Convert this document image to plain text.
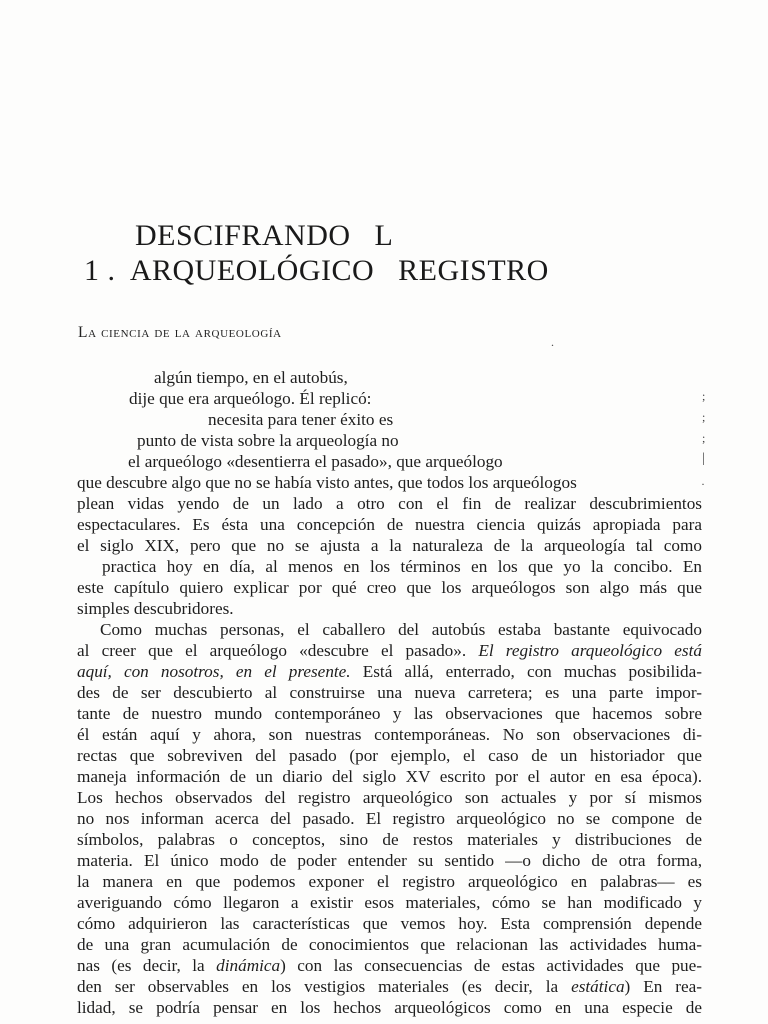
DESCIFRANDO   L
1 .  ARQUEOLÓGICO   REGISTRO
La ciencia de la arqueología
.
;
;
;
|
·
algún tiempo, en el autobús,
dije que era arqueólogo. Él replicó:
necesita para tener éxito es
punto de vista sobre la arqueología no
el arqueólogo «desentierra el pasado», que arqueólogo
que descubre algo que no se había visto antes, que todos los arqueólogos
plean vidas yendo de un lado a otro con el fin de realizar descubrimientos
espectaculares. Es ésta una concepción de nuestra ciencia quizás apropiada para
el siglo XIX, pero que no se ajusta a la naturaleza de la arqueología tal como
practica hoy en día, al menos en los términos en los que yo la concibo. En
este capítulo quiero explicar por qué creo que los arqueólogos son algo más que
simples descubridores.
Como muchas personas, el caballero del autobús estaba bastante equivocado
al creer que el arqueólogo «descubre el pasado». El registro arqueológico está
aquí, con nosotros, en el presente. Está allá, enterrado, con muchas posibilida-
des de ser descubierto al construirse una nueva carretera; es una parte impor-
tante de nuestro mundo contemporáneo y las observaciones que hacemos sobre
él están aquí y ahora, son nuestras contemporáneas. No son observaciones di-
rectas que sobreviven del pasado (por ejemplo, el caso de un historiador que
maneja información de un diario del siglo XV escrito por el autor en esa época).
Los hechos observados del registro arqueológico son actuales y por sí mismos
no nos informan acerca del pasado. El registro arqueológico no se compone de
símbolos, palabras o conceptos, sino de restos materiales y distribuciones de
materia. El único modo de poder entender su sentido —o dicho de otra forma,
la manera en que podemos exponer el registro arqueológico en palabras— es
averiguando cómo llegaron a existir esos materiales, cómo se han modificado y
cómo adquirieron las características que vemos hoy. Esta comprensión depende
de una gran acumulación de conocimientos que relacionan las actividades huma-
nas (es decir, la dinámica) con las consecuencias de estas actividades que pue-
den ser observables en los vestigios materiales (es decir, la estática) En rea-
lidad, se podría pensar en los hechos arqueológicos como en una especie de
